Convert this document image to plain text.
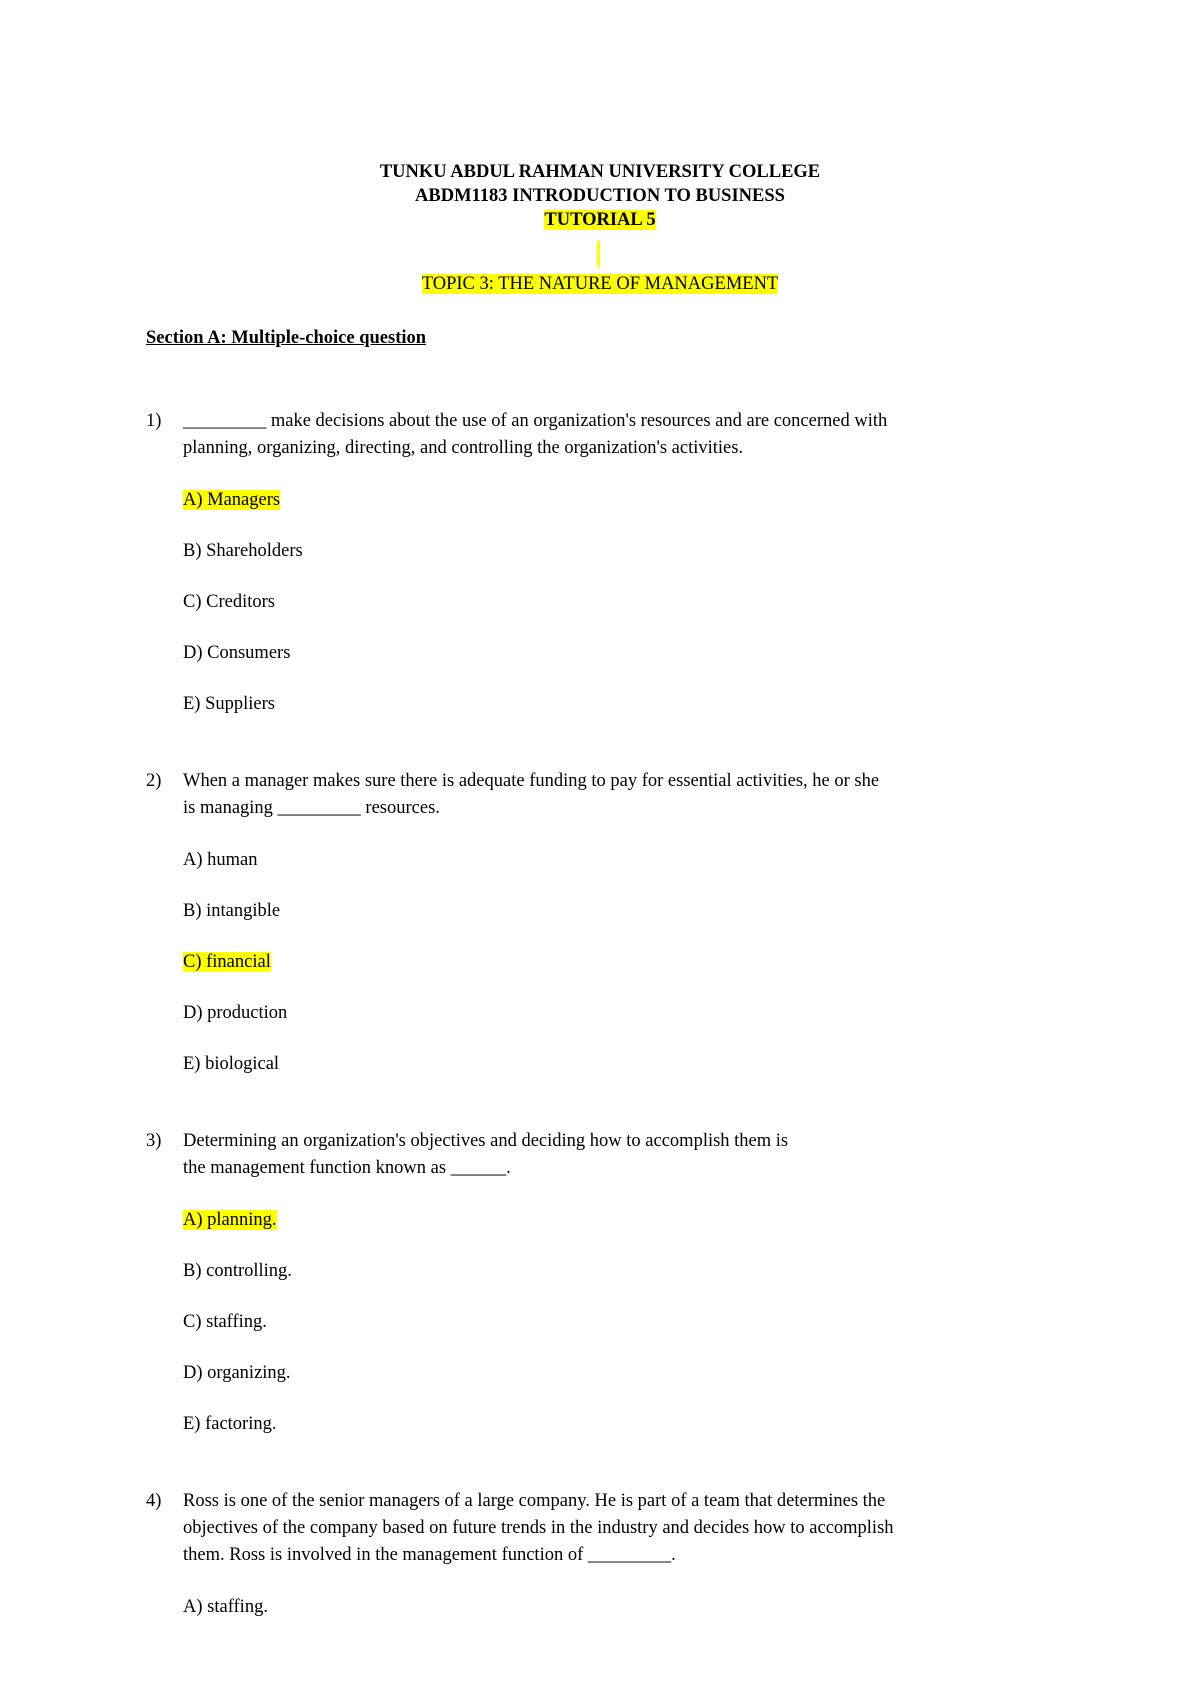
TUNKU ABDUL RAHMAN UNIVERSITY COLLEGE
ABDM1183 INTRODUCTION TO BUSINESS
TUTORIAL 5
TOPIC 3: THE NATURE OF MANAGEMENT
Section A: Multiple-choice question
1) _________ make decisions about the use of an organization's resources and are concerned with
planning, organizing, directing, and controlling the organization's activities.
A) Managers
B) Shareholders
C) Creditors
D) Consumers
E) Suppliers
2) When a manager makes sure there is adequate funding to pay for essential activities, he or she
is managing _________ resources.
A) human
B) intangible
C) financial
D) production
E) biological
3) Determining an organization's objectives and deciding how to accomplish them is
the management function known as ______.
A) planning.
B) controlling.
C) staffing.
D) organizing.
E) factoring.
4) Ross is one of the senior managers of a large company. He is part of a team that determines the
objectives of the company based on future trends in the industry and decides how to accomplish
them. Ross is involved in the management function of _________.
A) staffing.
